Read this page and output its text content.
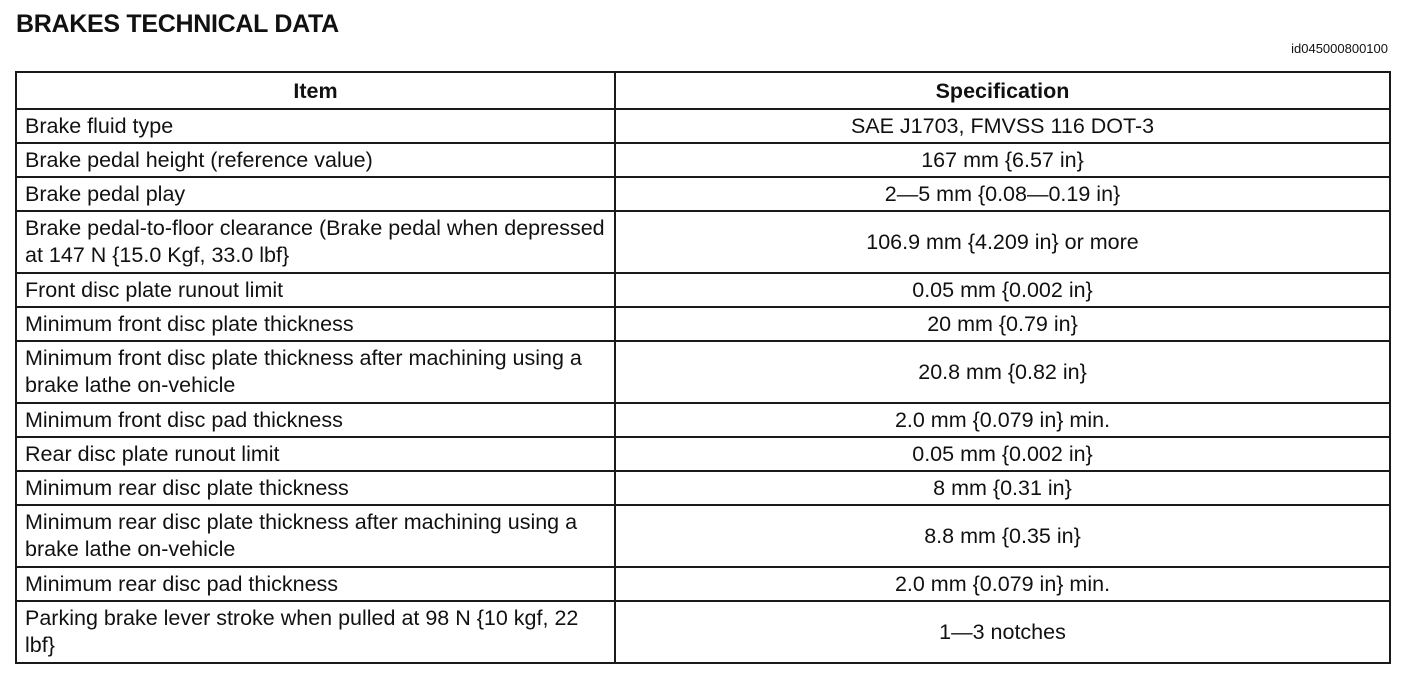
BRAKES TECHNICAL DATA
id045000800100
Item	Specification
Brake fluid type	SAE J1703, FMVSS 116 DOT-3
Brake pedal height (reference value)	167 mm {6.57 in}
Brake pedal play	2—5 mm {0.08—0.19 in}
Brake pedal-to-floor clearance (Brake pedal when depressed at 147 N {15.0 Kgf, 33.0 lbf}	106.9 mm {4.209 in} or more
Front disc plate runout limit	0.05 mm {0.002 in}
Minimum front disc plate thickness	20 mm {0.79 in}
Minimum front disc plate thickness after machining using a brake lathe on-vehicle	20.8 mm {0.82 in}
Minimum front disc pad thickness	2.0 mm {0.079 in} min.
Rear disc plate runout limit	0.05 mm {0.002 in}
Minimum rear disc plate thickness	8 mm {0.31 in}
Minimum rear disc plate thickness after machining using a brake lathe on-vehicle	8.8 mm {0.35 in}
Minimum rear disc pad thickness	2.0 mm {0.079 in} min.
Parking brake lever stroke when pulled at 98 N {10 kgf, 22 lbf}	1—3 notches
